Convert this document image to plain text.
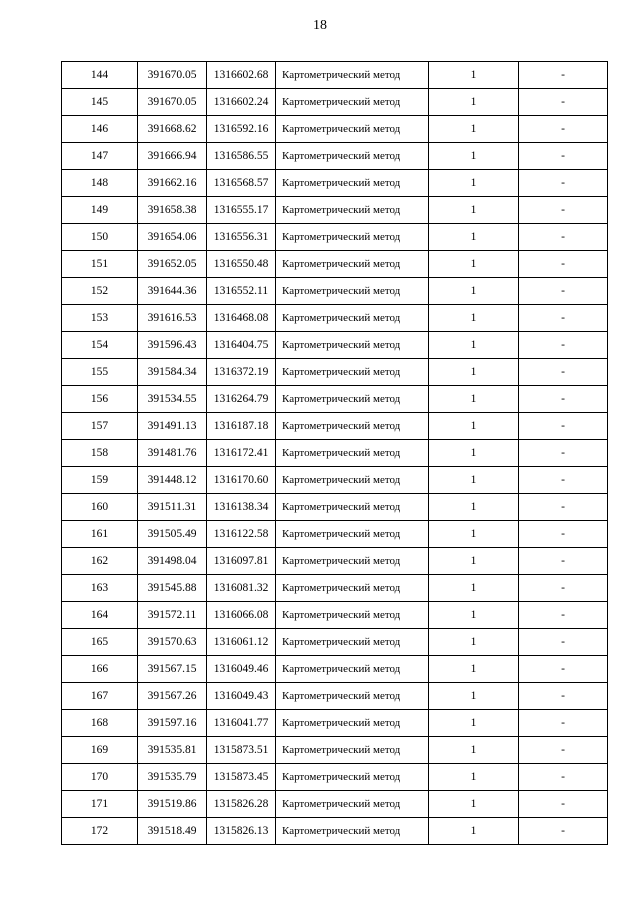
18
144	391670.05	1316602.68	Картометрический метод	1	-
145	391670.05	1316602.24	Картометрический метод	1	-
146	391668.62	1316592.16	Картометрический метод	1	-
147	391666.94	1316586.55	Картометрический метод	1	-
148	391662.16	1316568.57	Картометрический метод	1	-
149	391658.38	1316555.17	Картометрический метод	1	-
150	391654.06	1316556.31	Картометрический метод	1	-
151	391652.05	1316550.48	Картометрический метод	1	-
152	391644.36	1316552.11	Картометрический метод	1	-
153	391616.53	1316468.08	Картометрический метод	1	-
154	391596.43	1316404.75	Картометрический метод	1	-
155	391584.34	1316372.19	Картометрический метод	1	-
156	391534.55	1316264.79	Картометрический метод	1	-
157	391491.13	1316187.18	Картометрический метод	1	-
158	391481.76	1316172.41	Картометрический метод	1	-
159	391448.12	1316170.60	Картометрический метод	1	-
160	391511.31	1316138.34	Картометрический метод	1	-
161	391505.49	1316122.58	Картометрический метод	1	-
162	391498.04	1316097.81	Картометрический метод	1	-
163	391545.88	1316081.32	Картометрический метод	1	-
164	391572.11	1316066.08	Картометрический метод	1	-
165	391570.63	1316061.12	Картометрический метод	1	-
166	391567.15	1316049.46	Картометрический метод	1	-
167	391567.26	1316049.43	Картометрический метод	1	-
168	391597.16	1316041.77	Картометрический метод	1	-
169	391535.81	1315873.51	Картометрический метод	1	-
170	391535.79	1315873.45	Картометрический метод	1	-
171	391519.86	1315826.28	Картометрический метод	1	-
172	391518.49	1315826.13	Картометрический метод	1	-
